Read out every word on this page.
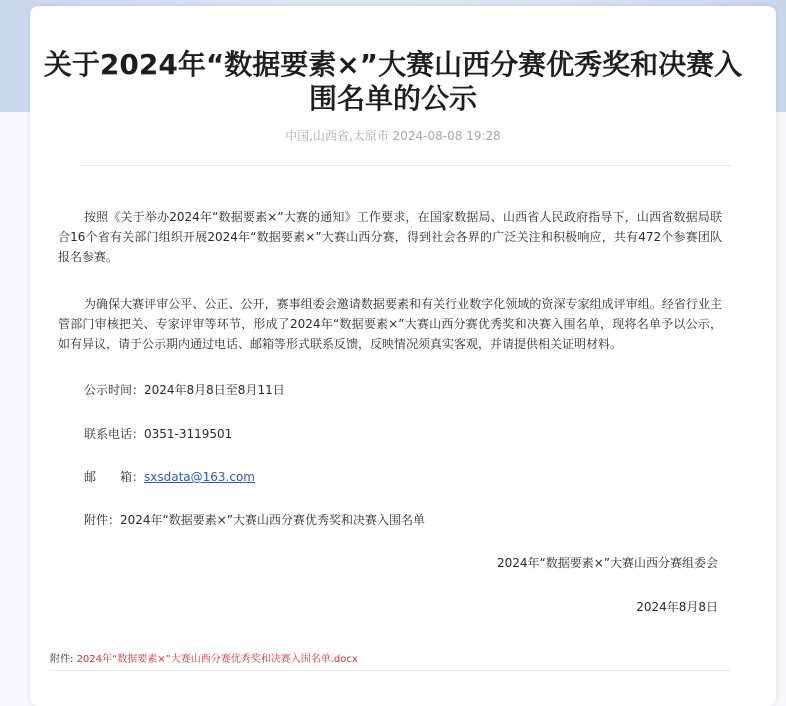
关于2024年“数据要素×”大赛山西分赛优秀奖和决赛入围名单的公示
中国,山西省,太原市 2024-08-08 19:28

按照《关于举办2024年“数据要素×”大赛的通知》工作要求，在国家数据局、山西省人民政府指导下，山西省数据局联合16个省有关部门组织开展2024年“数据要素×”大赛山西分赛，得到社会各界的广泛关注和积极响应，共有472个参赛团队报名参赛。

为确保大赛评审公平、公正、公开，赛事组委会邀请数据要素和有关行业数字化领域的资深专家组成评审组。经省行业主管部门审核把关、专家评审等环节，形成了2024年“数据要素×”大赛山西分赛优秀奖和决赛入围名单，现将名单予以公示，如有异议，请于公示期内通过电话、邮箱等形式联系反馈，反映情况须真实客观，并请提供相关证明材料。

公示时间：2024年8月8日至8月11日
联系电话：0351-3119501
邮　　箱：sxsdata@163.com
附件：2024年“数据要素×”大赛山西分赛优秀奖和决赛入围名单
2024年“数据要素×”大赛山西分赛组委会
2024年8月8日
附件: 2024年“数据要素×”大赛山西分赛优秀奖和决赛入围名单.docx
